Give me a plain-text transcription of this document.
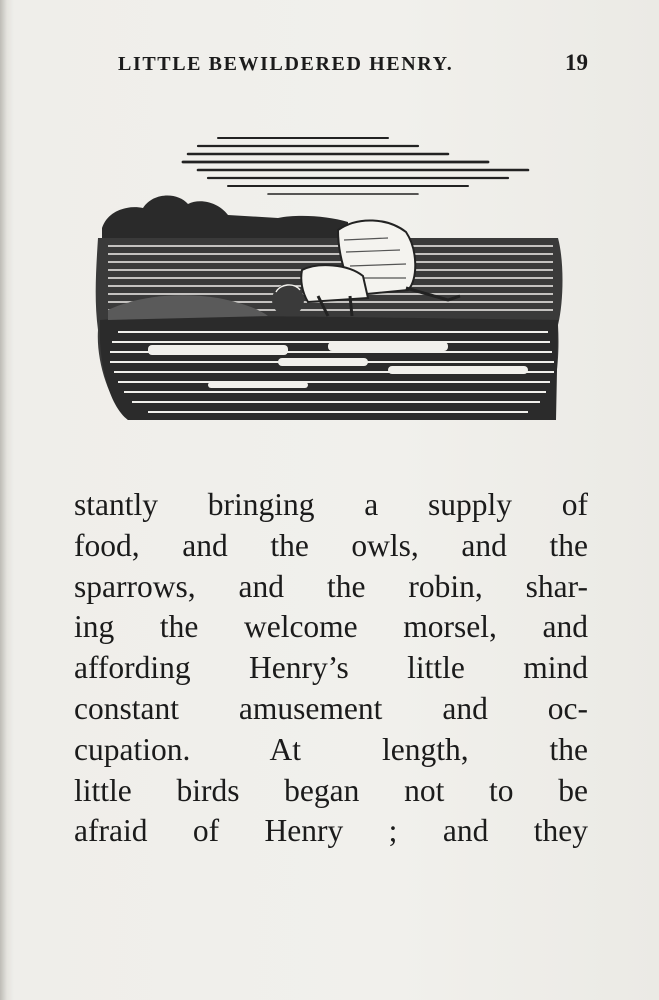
LITTLE BEWILDERED HENRY.	19
stantly bringing a supply of
food, and the owls, and the
sparrows, and the robin, shar-
ing the welcome morsel, and
affording Henry’s little mind
constant amusement and oc-
cupation. At length, the
little birds began not to be
afraid of Henry ; and they
